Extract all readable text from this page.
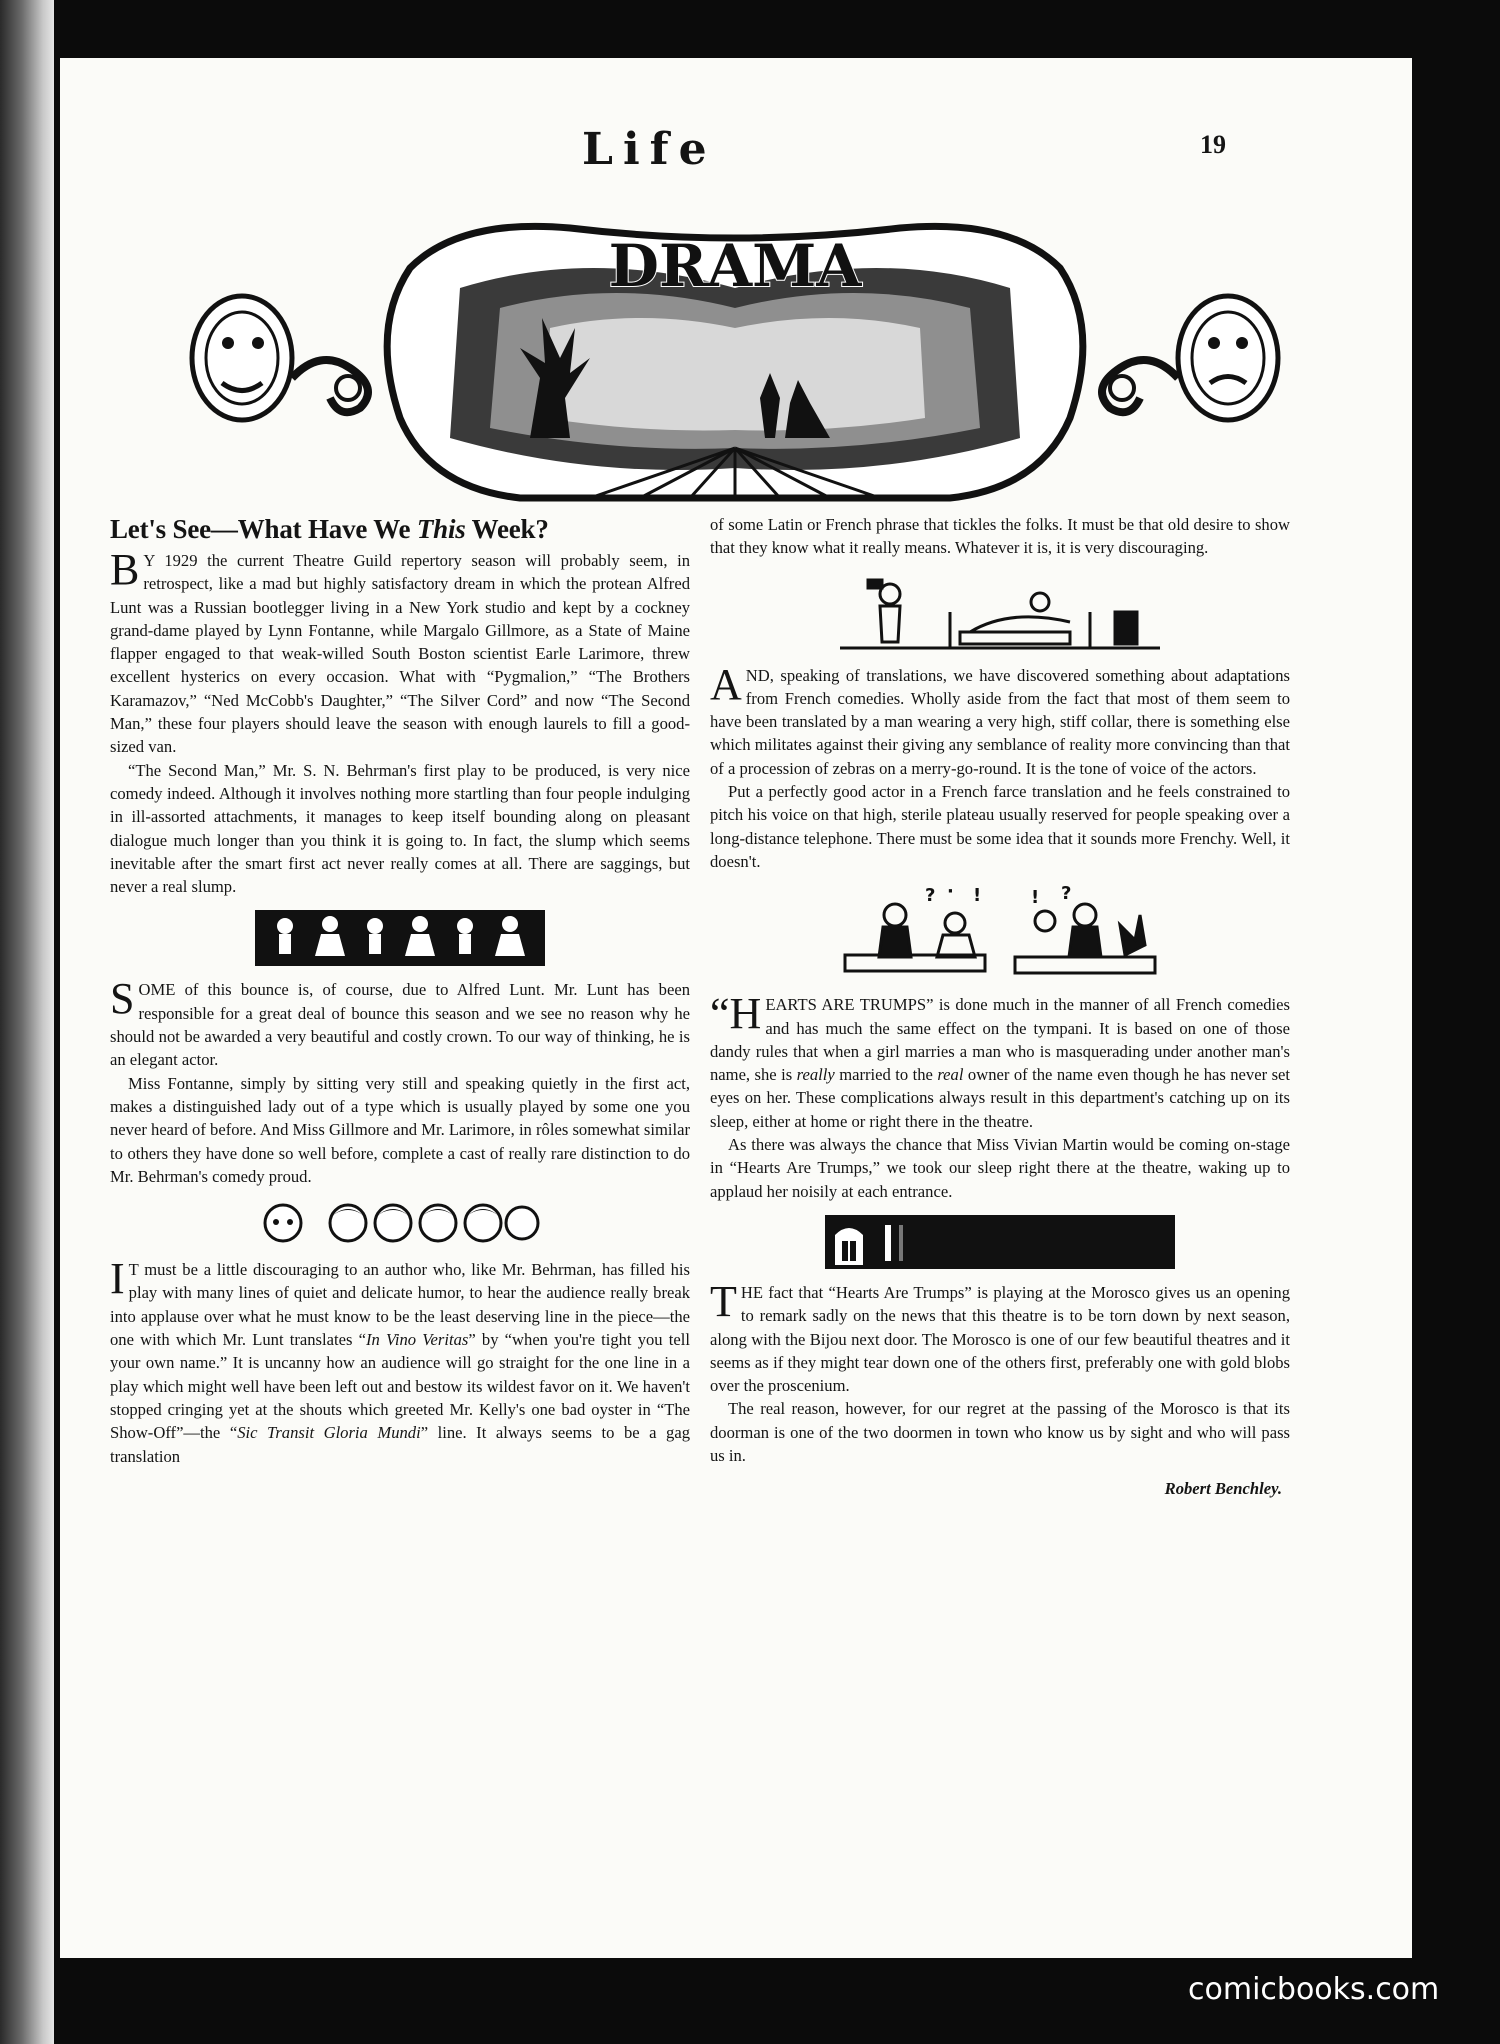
Life	19
DRAMA
Let's See—What Have We This Week?

B Y 1929 the current Theatre Guild repertory season will probably seem, in retrospect, like a mad but highly satisfactory dream in which the protean Alfred Lunt was a Russian bootlegger living in a New York studio and kept by a cockney grand-dame played by Lynn Fontanne, while Margalo Gillmore, as a State of Maine flapper engaged to that weak-willed South Boston scientist Earle Larimore, threw excellent hysterics on every occasion. What with “Pygmalion,” “The Brothers Karamazov,” “Ned McCobb's Daughter,” “The Silver Cord” and now “The Second Man,” these four players should leave the season with enough laurels to fill a good-sized van.

“The Second Man,” Mr. S. N. Behrman's first play to be produced, is very nice comedy indeed. Although it involves nothing more startling than four people indulging in ill-assorted attachments, it manages to keep itself bounding along on pleasant dialogue much longer than you think it is going to. In fact, the slump which seems inevitable after the smart first act never really comes at all. There are saggings, but never a real slump.

SOME of this bounce is, of course, due to Alfred Lunt. Mr. Lunt has been responsible for a great deal of bounce this season and we see no reason why he should not be awarded a very beautiful and costly crown. To our way of thinking, he is an elegant actor.

Miss Fontanne, simply by sitting very still and speaking quietly in the first act, makes a distinguished lady out of a type which is usually played by some one you never heard of before. And Miss Gillmore and Mr. Larimore, in rôles somewhat similar to others they have done so well before, complete a cast of really rare distinction to do Mr. Behrman's comedy proud.

I T must be a little discouraging to an author who, like Mr. Behrman, has filled his play with many lines of quiet and delicate humor, to hear the audience really break into applause over what he must know to be the least deserving line in the piece—the one with which Mr. Lunt translates “In Vino Veritas” by “when you're tight you tell your own name.” It is uncanny how an audience will go straight for the one line in a play which might well have been left out and bestow its wildest favor on it. We haven't stopped cringing yet at the shouts which greeted Mr. Kelly's one bad oyster in “The Show-Off”—the “Sic Transit Gloria Mundi” line. It always seems to be a gag translation

of some Latin or French phrase that tickles the folks. It must be that old desire to show that they know what it really means. Whatever it is, it is very discouraging.

AND, speaking of translations, we have discovered something about adaptations from French comedies. Wholly aside from the fact that most of them seem to have been translated by a man wearing a very high, stiff collar, there is something else which militates against their giving any semblance of reality more convincing than that of a procession of zebras on a merry-go-round. It is the tone of voice of the actors.

Put a perfectly good actor in a French farce translation and he feels constrained to pitch his voice on that high, sterile plateau usually reserved for people speaking over a long-distance telephone. There must be some idea that it sounds more Frenchy. Well, it doesn't.

? · !	! ?

“HEARTS ARE TRUMPS” is done much in the manner of all French comedies and has much the same effect on the tympani. It is based on one of those dandy rules that when a girl marries a man who is masquerading under another man's name, she is really married to the real owner of the name even though he has never set eyes on her. These complications always result in this department's catching up on its sleep, either at home or right there in the theatre.

As there was always the chance that Miss Vivian Martin would be coming on-stage in “Hearts Are Trumps,” we took our sleep right there at the theatre, waking up to applaud her noisily at each entrance.

THE fact that “Hearts Are Trumps” is playing at the Morosco gives us an opening to remark sadly on the news that this theatre is to be torn down by next season, along with the Bijou next door. The Morosco is one of our few beautiful theatres and it seems as if they might tear down one of the others first, preferably one with gold blobs over the proscenium.

The real reason, however, for our regret at the passing of the Morosco is that its doorman is one of the two doormen in town who know us by sight and who will pass us in.

Robert Benchley.
comicbooks.com
